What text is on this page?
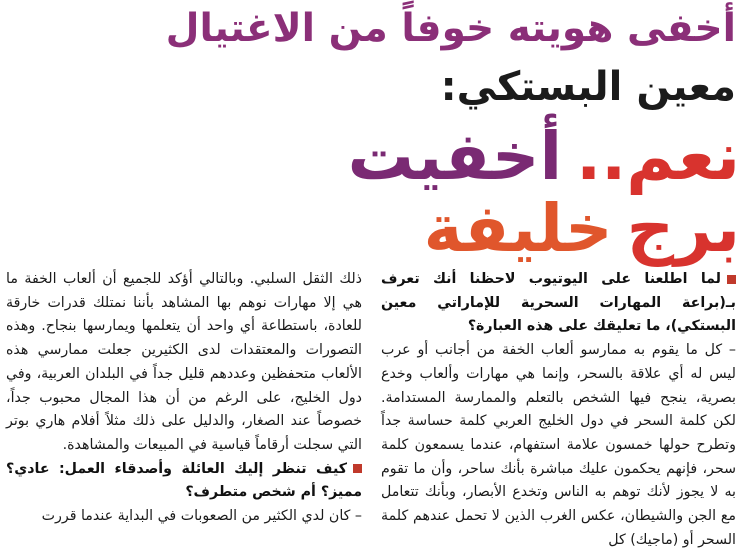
أخفى هويته خوفاً من الاغتيال
معين البستكي:
نعم..أخفيت
برجخليفة

لما اطلعنا على اليوتيوب لاحظنا أنك تعرف بـ(براعة المهارات السحرية للإماراتي معين البستكي)، ما تعليقك على هذه العبارة؟

– كل ما يقوم به ممارسو ألعاب الخفة من أجانب أو عرب ليس له أي علاقة بالسحر، وإنما هي مهارات وألعاب وخدع بصرية، ينجح فيها الشخص بالتعلم والممارسة المستدامة. لكن كلمة السحر في دول الخليج العربي كلمة حساسة جداً وتطرح حولها خمسون علامة استفهام، عندما يسمعون كلمة سحر، فإنهم يحكمون عليك مباشرة بأنك ساحر، وأن ما تقوم به لا يجوز لأنك توهم به الناس وتخدع الأبصار، وبأنك تتعامل مع الجن والشيطان، عكس الغرب الذين لا تحمل عندهم كلمة السحر أو (ماجيك) كل

ذلك الثقل السلبي. وبالتالي أؤكد للجميع أن ألعاب الخفة ما هي إلا مهارات نوهم بها المشاهد بأننا نمتلك قدرات خارقة للعادة، باستطاعة أي واحد أن يتعلمها ويمارسها بنجاح. وهذه التصورات والمعتقدات لدى الكثيرين جعلت ممارسي هذه الألعاب متحفظين وعددهم قليل جداً في البلدان العربية، وفي دول الخليج، على الرغم من أن هذا المجال محبوب جداً، خصوصاً عند الصغار، والدليل على ذلك مثلاً أفلام هاري بوتر التي سجلت أرقاماً قياسية في المبيعات والمشاهدة.

كيف تنظر إليك العائلة وأصدقاء العمل: عادي؟ مميز؟ أم شخص متطرف؟

– كان لدي الكثير من الصعوبات في البداية عندما قررت
